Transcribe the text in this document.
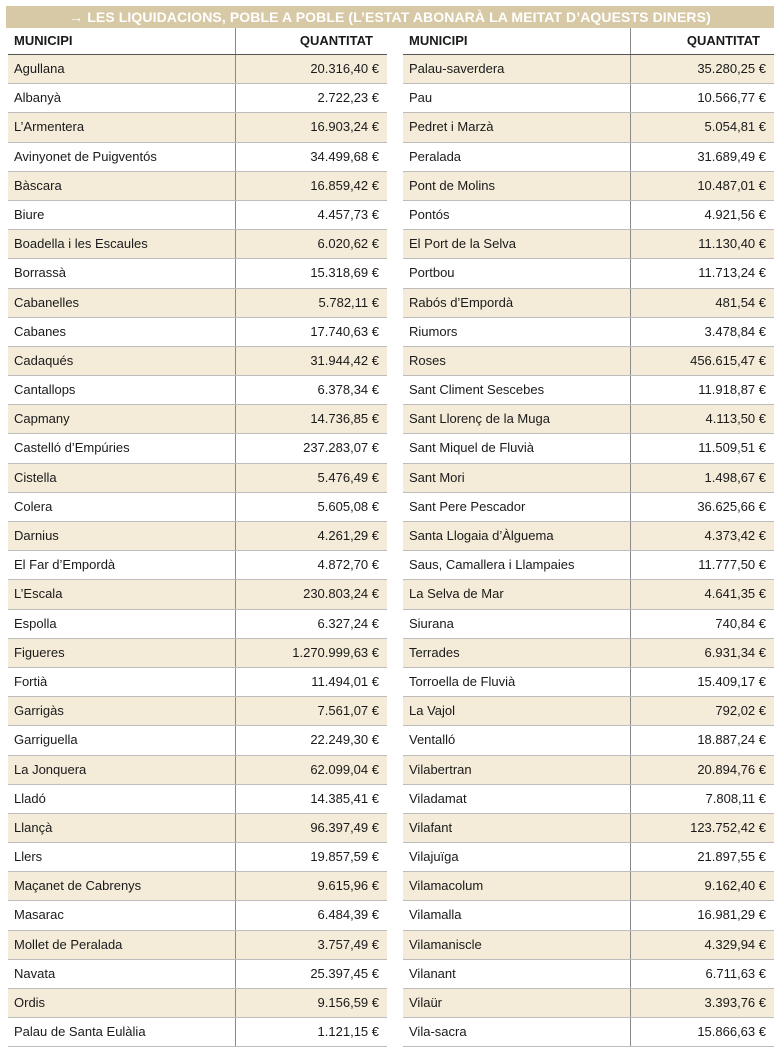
→ LES LIQUIDACIONS, POBLE A POBLE (L’ESTAT ABONARÀ LA MEITAT D’AQUESTS DINERS)
MUNICIPI	QUANTITAT
Agullana	20.316,40 €
Albanyà	2.722,23 €
L’Armentera	16.903,24 €
Avinyonet de Puigventós	34.499,68 €
Bàscara	16.859,42 €
Biure	4.457,73 €
Boadella i les Escaules	6.020,62 €
Borrassà	15.318,69 €
Cabanelles	5.782,11 €
Cabanes	17.740,63 €
Cadaqués	31.944,42 €
Cantallops	6.378,34 €
Capmany	14.736,85 €
Castelló d’Empúries	237.283,07 €
Cistella	5.476,49 €
Colera	5.605,08 €
Darnius	4.261,29 €
El Far d’Empordà	4.872,70 €
L’Escala	230.803,24 €
Espolla	6.327,24 €
Figueres	1.270.999,63 €
Fortià	11.494,01 €
Garrigàs	7.561,07 €
Garriguella	22.249,30 €
La Jonquera	62.099,04 €
Lladó	14.385,41 €
Llançà	96.397,49 €
Llers	19.857,59 €
Maçanet de Cabrenys	9.615,96 €
Masarac	6.484,39 €
Mollet de Peralada	3.757,49 €
Navata	25.397,45 €
Ordis	9.156,59 €
Palau de Santa Eulàlia	1.121,15 €
MUNICIPI	QUANTITAT
Palau-saverdera	35.280,25 €
Pau	10.566,77 €
Pedret i Marzà	5.054,81 €
Peralada	31.689,49 €
Pont de Molins	10.487,01 €
Pontós	4.921,56 €
El Port de la Selva	11.130,40 €
Portbou	11.713,24 €
Rabós d’Empordà	481,54 €
Riumors	3.478,84 €
Roses	456.615,47 €
Sant Climent Sescebes	11.918,87 €
Sant Llorenç de la Muga	4.113,50 €
Sant Miquel de Fluvià	11.509,51 €
Sant Mori	1.498,67 €
Sant Pere Pescador	36.625,66 €
Santa Llogaia d’Àlguema	4.373,42 €
Saus, Camallera i Llampaies	11.777,50 €
La Selva de Mar	4.641,35 €
Siurana	740,84 €
Terrades	6.931,34 €
Torroella de Fluvià	15.409,17 €
La Vajol	792,02 €
Ventalló	18.887,24 €
Vilabertran	20.894,76 €
Viladamat	7.808,11 €
Vilafant	123.752,42 €
Vilajuïga	21.897,55 €
Vilamacolum	9.162,40 €
Vilamalla	16.981,29 €
Vilamaniscle	4.329,94 €
Vilanant	6.711,63 €
Vilaür	3.393,76 €
Vila-sacra	15.866,63 €
